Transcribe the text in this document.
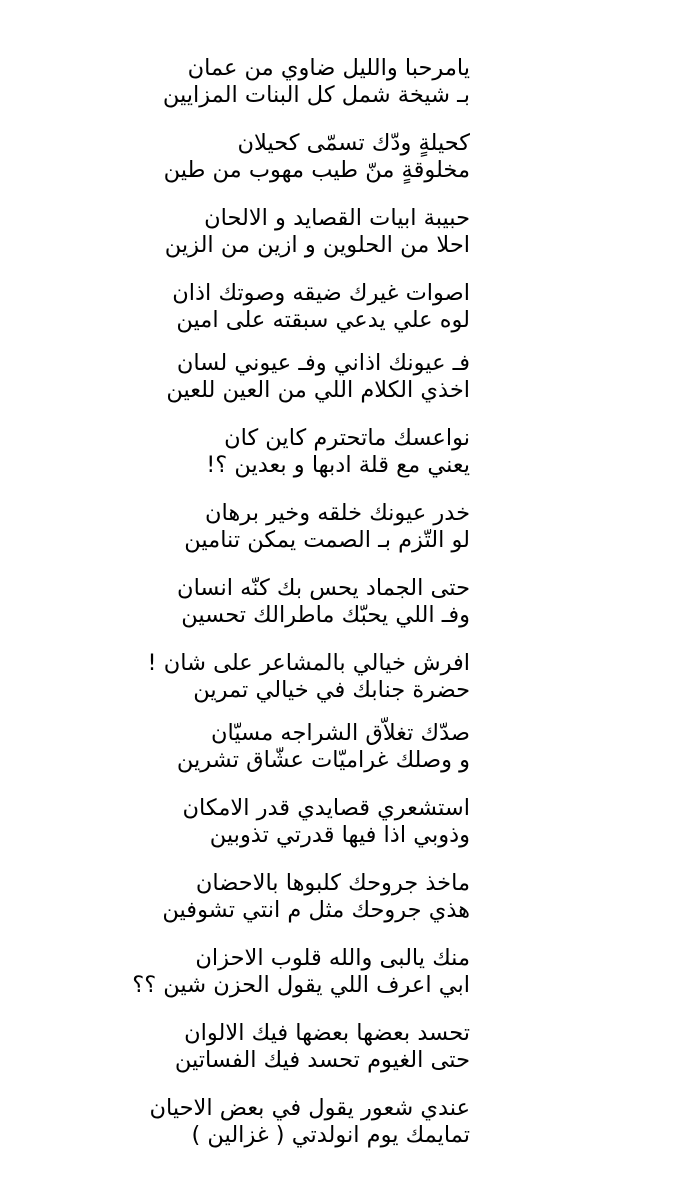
يامرحبا والليل ضاوي من عمان
بـ شيخة شمل كل البنات المزايين
كحيلةٍ ودّك تسمّى كحيلان
مخلوقةٍ منّ طيب مهوب من طين
حبيبة ابيات القصايد و الالحان
احلا من الحلوين و ازين من الزين
اصوات غيرك ضيقه وصوتك اذان
لوه علي يدعي سبقته على امين
فـ عيونك اذاني وفـ عيوني لسان
اخذي الكلام اللي من العين للعين
نواعسك ماتحترم كاين كان
يعني مع قلة ادبها و بعدين ؟!
خدر عيونك خلقه وخير برهان
لو التّزم بـ الصمت يمكن تنامين
حتى الجماد يحس بك كنّه انسان
وفـ اللي يحبّك ماطرالك تحسين
افرش خيالي بالمشاعر على شان !
حضرة جنابك في خيالي تمرين
صدّك تغلاّق الشراجه مسيّان
و وصلك غراميّات عشّاق تشرين
استشعري قصايدي قدر الامكان
وذوبي اذا فيها قدرتي تذوبين
ماخذ جروحك كلبوها بالاحضان
هذي جروحك مثل م انتي تشوفين
منك يالبى والله قلوب الاحزان
ابي اعرف اللي يقول الحزن شين ؟؟
تحسد بعضها بعضها فيك الالوان
حتى الغيوم تحسد فيك الفساتين
عندي شعور يقول في بعض الاحيان
تمايمك يوم انولدتي ( غزالين )
